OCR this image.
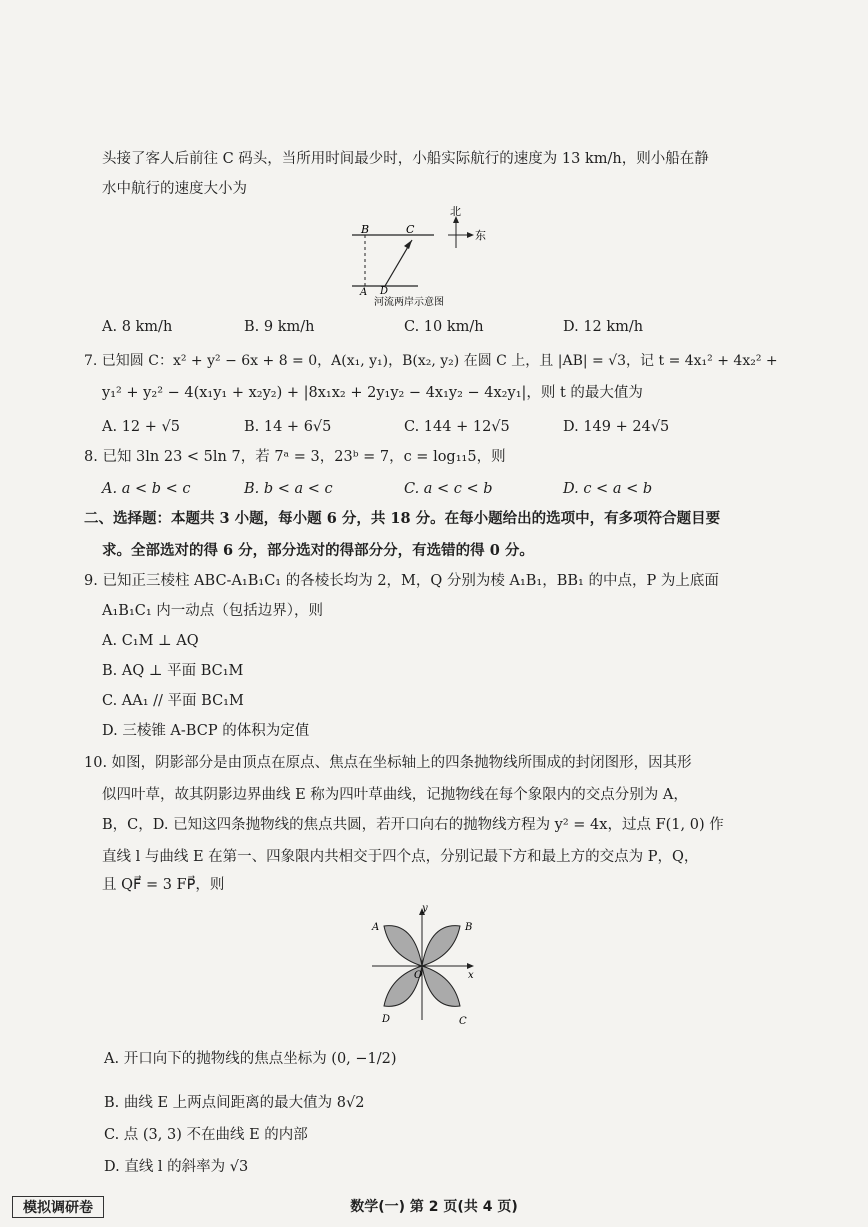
头接了客人后前往 C 码头，当所用时间最少时，小船实际航行的速度为 13 km/h，则小船在静
水中航行的速度大小为
B	C
A D
北
东
河流两岸示意图
A. 8 km/h	B. 9 km/h	C. 10 km/h	D. 12 km/h
7. 已知圆 C：x² + y² − 6x + 8 = 0，A(x₁, y₁)，B(x₂, y₂) 在圆 C 上，且 |AB| = √3，记 t = 4x₁² + 4x₂² +
y₁² + y₂² − 4(x₁y₁ + x₂y₂) + |8x₁x₂ + 2y₁y₂ − 4x₁y₂ − 4x₂y₁|，则 t 的最大值为
A. 12 + √5	B. 14 + 6√5	C. 144 + 12√5	D. 149 + 24√5
8. 已知 3ln 23 < 5ln 7，若 7ᵃ = 3，23ᵇ = 7，c = log₁₁5，则
A. a < b < c	B. b < a < c	C. a < c < b	D. c < a < b
二、选择题：本题共 3 小题，每小题 6 分，共 18 分。在每小题给出的选项中，有多项符合题目要
求。全部选对的得 6 分，部分选对的得部分分，有选错的得 0 分。
9. 已知正三棱柱 ABC-A₁B₁C₁ 的各棱长均为 2，M，Q 分别为棱 A₁B₁，BB₁ 的中点，P 为上底面
A₁B₁C₁ 内一动点（包括边界），则
A. C₁M ⊥ AQ
B. AQ ⊥ 平面 BC₁M
C. AA₁ // 平面 BC₁M
D. 三棱锥 A-BCP 的体积为定值
10. 如图，阴影部分是由顶点在原点、焦点在坐标轴上的四条抛物线所围成的封闭图形，因其形
似四叶草，故其阴影边界曲线 E 称为四叶草曲线，记抛物线在每个象限内的交点分别为 A，
B，C，D. 已知这四条抛物线的焦点共圆，若开口向右的抛物线方程为 y² = 4x，过点 F(1, 0) 作
直线 l 与曲线 E 在第一、四象限内共相交于四个点，分别记最下方和最上方的交点为 P，Q，
且 QF⃗ = 3 FP⃗，则
y
x
O
A	B
C
D
A. 开口向下的抛物线的焦点坐标为 (0, −1/2)
B. 曲线 E 上两点间距离的最大值为 8√2
C. 点 (3, 3) 不在曲线 E 的内部
D. 直线 l 的斜率为 √3
数学(一) 第 2 页(共 4 页)
模拟调研卷
